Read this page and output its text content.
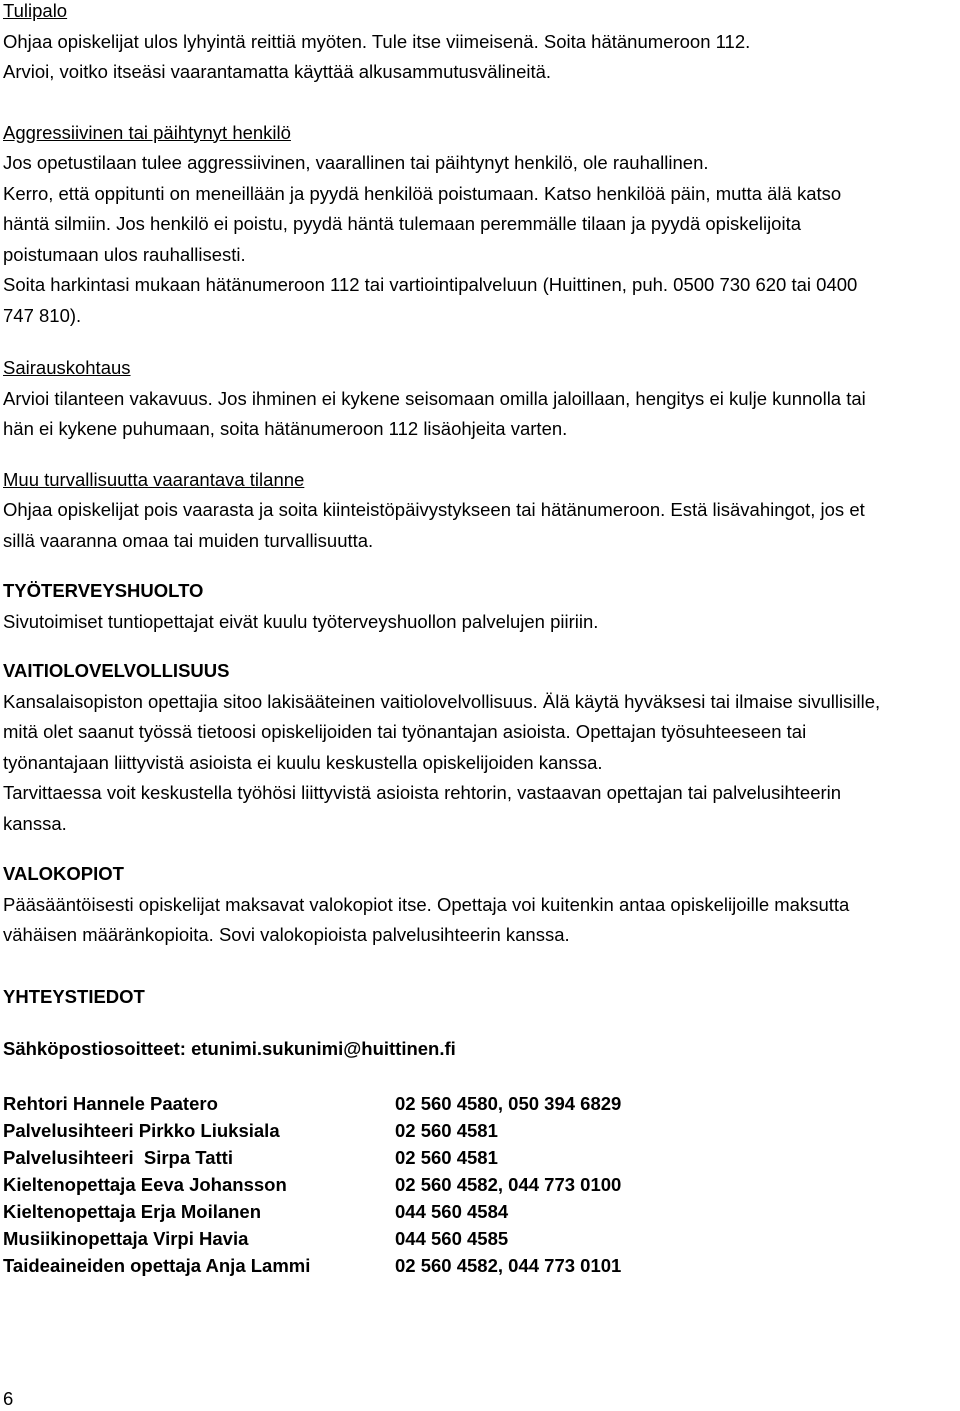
Tulipalo

Ohjaa opiskelijat ulos lyhyintä reittiä myöten. Tule itse viimeisenä. Soita hätänumeroon 112.

Arvioi, voitko itseäsi vaarantamatta käyttää alkusammutusvälineitä.

Aggressiivinen tai päihtynyt henkilö

Jos opetustilaan tulee aggressiivinen, vaarallinen tai päihtynyt henkilö, ole rauhallinen.

Kerro, että oppitunti on meneillään ja pyydä henkilöä poistumaan. Katso henkilöä päin, mutta älä katso

häntä silmiin. Jos henkilö ei poistu, pyydä häntä tulemaan peremmälle tilaan ja pyydä opiskelijoita

poistumaan ulos rauhallisesti.

Soita harkintasi mukaan hätänumeroon 112 tai vartiointipalveluun (Huittinen, puh. 0500 730 620 tai 0400

747 810).

Sairauskohtaus

Arvioi tilanteen vakavuus. Jos ihminen ei kykene seisomaan omilla jaloillaan, hengitys ei kulje kunnolla tai

hän ei kykene puhumaan, soita hätänumeroon 112 lisäohjeita varten.

Muu turvallisuutta vaarantava tilanne

Ohjaa opiskelijat pois vaarasta ja soita kiinteistöpäivystykseen tai hätänumeroon. Estä lisävahingot, jos et

sillä vaaranna omaa tai muiden turvallisuutta.

TYÖTERVEYSHUOLTO

Sivutoimiset tuntiopettajat eivät kuulu työterveyshuollon palvelujen piiriin.

VAITIOLOVELVOLLISUUS

Kansalaisopiston opettajia sitoo lakisääteinen vaitiolovelvollisuus. Älä käytä hyväksesi tai ilmaise sivullisille,

mitä olet saanut työssä tietoosi opiskelijoiden tai työnantajan asioista. Opettajan työsuhteeseen tai

työnantajaan liittyvistä asioista ei kuulu keskustella opiskelijoiden kanssa.

Tarvittaessa voit keskustella työhösi liittyvistä asioista rehtorin, vastaavan opettajan tai palvelusihteerin

kanssa.

VALOKOPIOT

Pääsääntöisesti opiskelijat maksavat valokopiot itse. Opettaja voi kuitenkin antaa opiskelijoille maksutta

vähäisen määränkopioita. Sovi valokopioista palvelusihteerin kanssa.

YHTEYSTIEDOT

Sähköpostiosoitteet: etunimi.sukunimi@huittinen.fi

Rehtori Hannele Paatero	02 560 4580, 050 394 6829
Palvelusihteeri Pirkko Liuksiala	02 560 4581
Palvelusihteeri  Sirpa Tatti	02 560 4581
Kieltenopettaja Eeva Johansson	02 560 4582, 044 773 0100
Kieltenopettaja Erja Moilanen	044 560 4584
Musiikinopettaja Virpi Havia	044 560 4585
Taideaineiden opettaja Anja Lammi	02 560 4582, 044 773 0101
6
